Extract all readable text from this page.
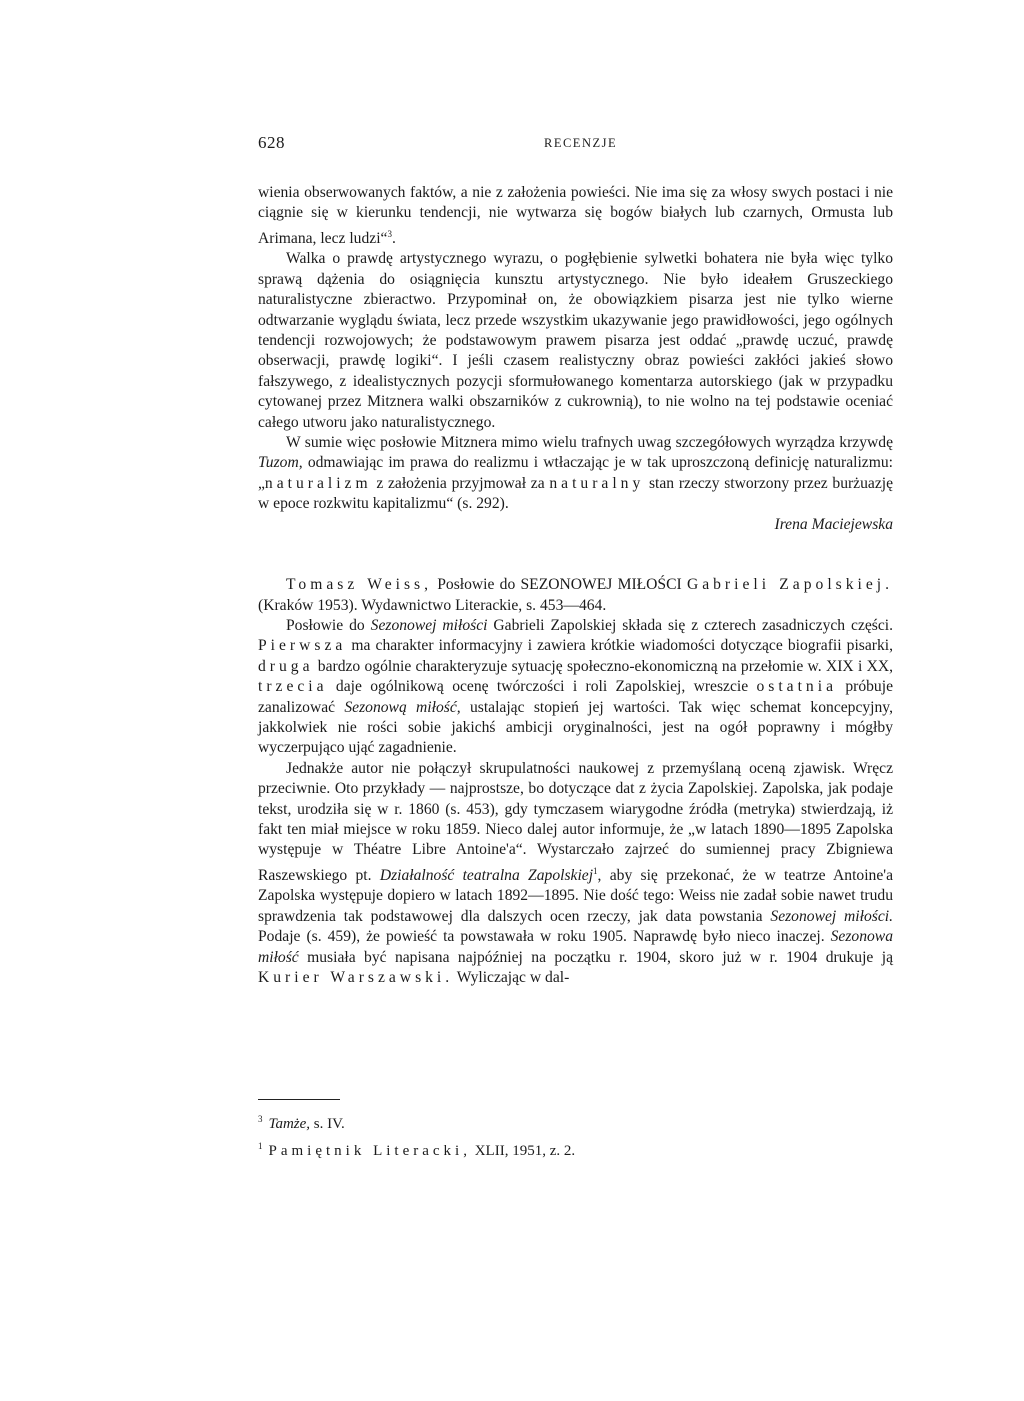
628	RECENZJE

wienia obserwowanych faktów, a nie z założenia powieści. Nie ima się za włosy swych postaci i nie ciągnie się w kierunku tendencji, nie wytwarza się bogów białych lub czarnych, Ormusta lub Arimana, lecz ludzi“$^3$.

Walka o prawdę artystycznego wyrazu, o pogłębienie sylwetki bohatera nie była więc tylko sprawą dążenia do osiągnięcia kunsztu artystycznego. Nie było ideałem Gruszeckiego naturalistyczne zbieractwo. Przypominał on, że obowiązkiem pisarza jest nie tylko wierne odtwarzanie wyglądu świata, lecz przede wszystkim ukazywanie jego prawidłowości, jego ogólnych tendencji rozwojowych; że podstawowym prawem pisarza jest oddać „prawdę uczuć, prawdę obserwacji, prawdę logiki“. I jeśli czasem realistyczny obraz powieści zakłóci jakieś słowo fałszywego, z idealistycznych pozycji sformułowanego komentarza autorskiego (jak w przypadku cytowanej przez Mitznera walki obszarników z cukrownią), to nie wolno na tej podstawie oceniać całego utworu jako naturalistycznego.

W sumie więc posłowie Mitznera mimo wielu trafnych uwag szczegółowych wyrządza krzywdę Tuzom, odmawiając im prawa do realizmu i wtłaczając je w tak uproszczoną definicję naturalizmu: „naturalizm z założenia przyjmował za naturalny stan rzeczy stworzony przez burżuazję w epoce rozkwitu kapitalizmu“ (s. 292).

Irena Maciejewska

Tomasz Weiss, Posłowie do SEZONOWEJ MIŁOŚCI Gabrieli Zapolskiej. (Kraków 1953). Wydawnictwo Literackie, s. 453—464.

Posłowie do Sezonowej miłości Gabrieli Zapolskiej składa się z czterech zasadniczych części. Pierwsza ma charakter informacyjny i zawiera krótkie wiadomości dotyczące biografii pisarki, druga bardzo ogólnie charakteryzuje sytuację społeczno-ekonomiczną na przełomie w. XIX i XX, trzecia daje ogólnikową ocenę twórczości i roli Zapolskiej, wreszcie ostatnia próbuje zanalizować Sezonową miłość, ustalając stopień jej wartości. Tak więc schemat koncepcyjny, jakkolwiek nie rości sobie jakichś ambicji oryginalności, jest na ogół poprawny i mógłby wyczerpująco ująć zagadnienie.

Jednakże autor nie połączył skrupulatności naukowej z przemyślaną oceną zjawisk. Wręcz przeciwnie. Oto przykłady — najprostsze, bo dotyczące dat z życia Zapolskiej. Zapolska, jak podaje tekst, urodziła się w r. 1860 (s. 453), gdy tymczasem wiarygodne źródła (metryka) stwierdzają, iż fakt ten miał miejsce w roku 1859. Nieco dalej autor informuje, że „w latach 1890—1895 Zapolska występuje w Théatre Libre Antoine'a“. Wystarczało zajrzeć do sumiennej pracy Zbigniewa Raszewskiego pt. Działalność teatralna Zapolskiej$^1$, aby się przekonać, że w teatrze Antoine'a Zapolska występuje dopiero w latach 1892—1895. Nie dość tego: Weiss nie zadał sobie nawet trudu sprawdzenia tak podstawowej dla dalszych ocen rzeczy, jak data powstania Sezonowej miłości. Podaje (s. 459), że powieść ta powstawała w roku 1905. Naprawdę było nieco inaczej. Sezonowa miłość musiała być napisana najpóźniej na początku r. 1904, skoro już w r. 1904 drukuje ją Kurier Warszawski. Wyliczając w dal-

$^3$ Tamże, s. IV.

$^1$ Pamiętnik Literacki, XLII, 1951, z. 2.
